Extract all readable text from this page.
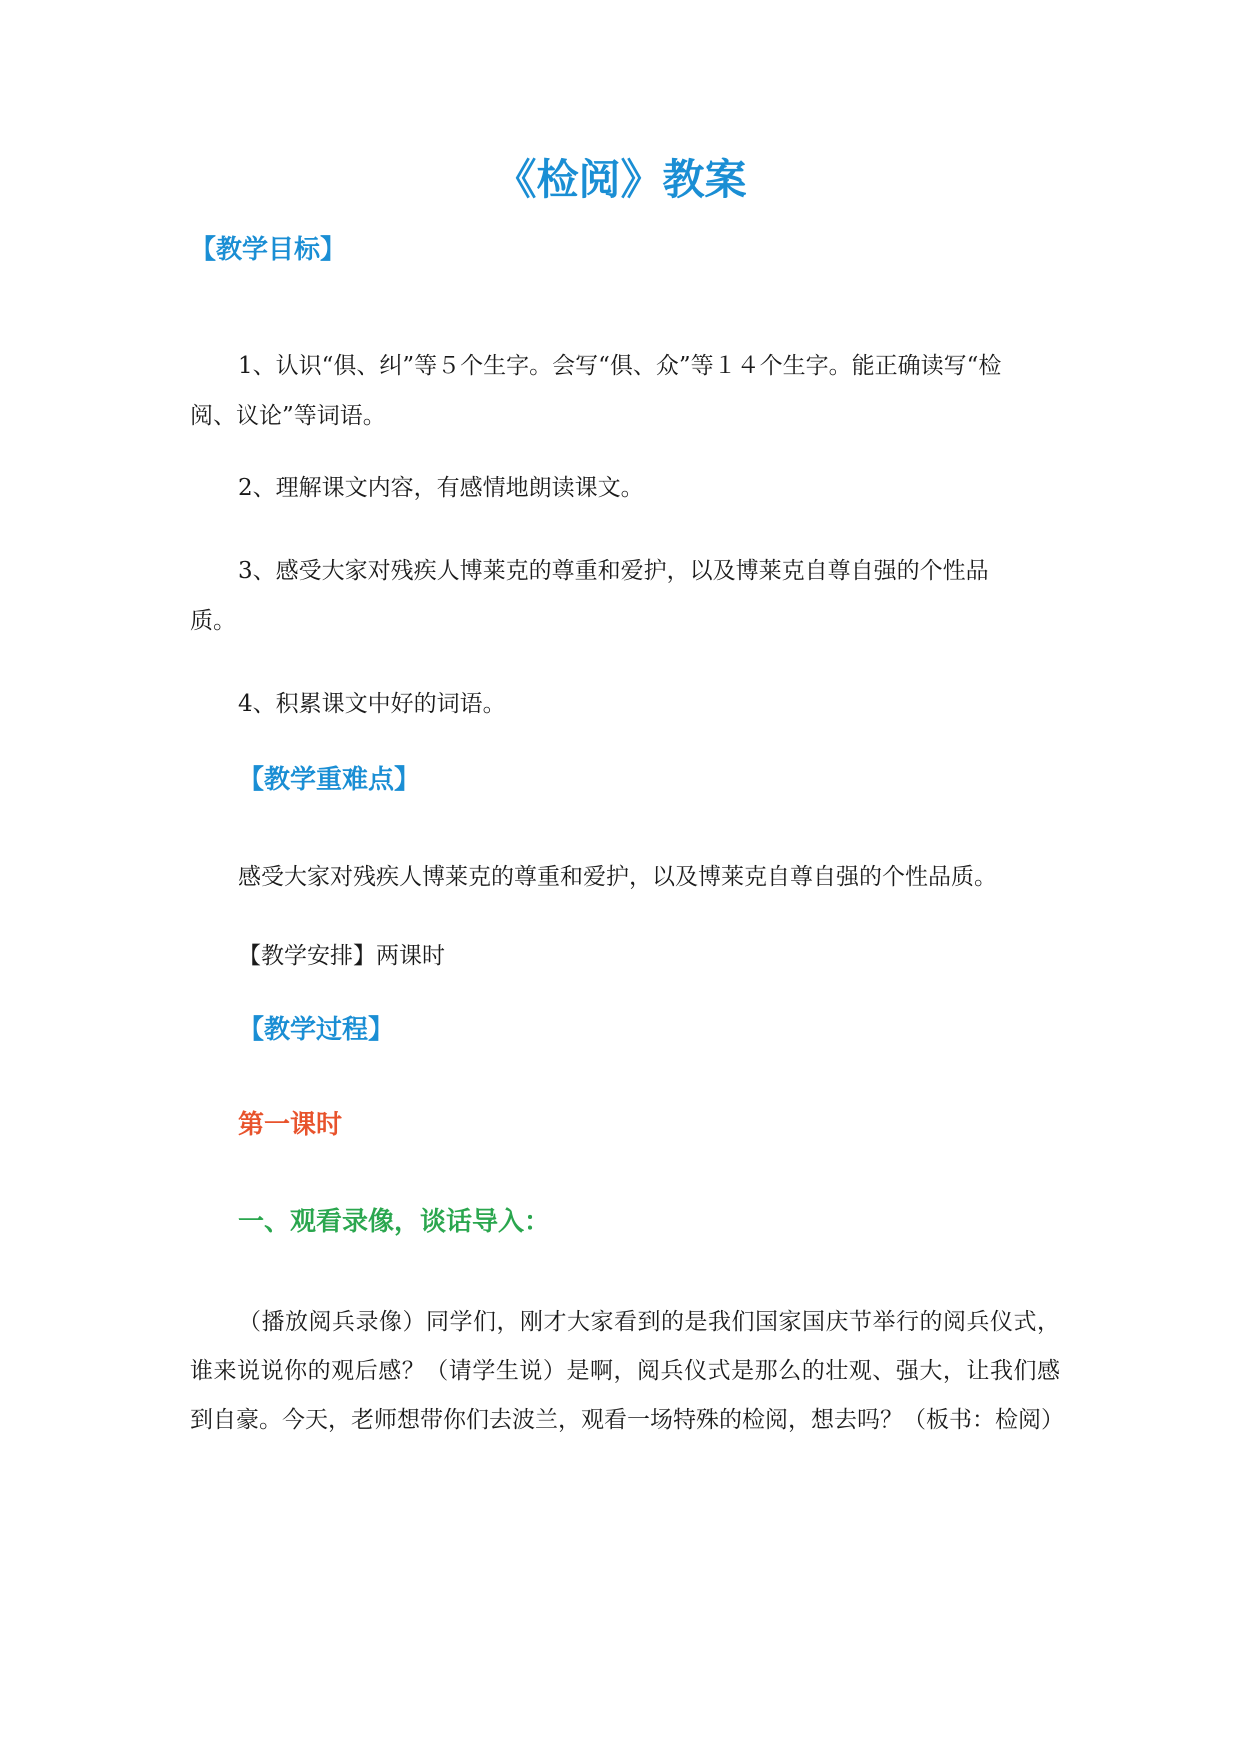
《检阅》教案
【教学目标】
1、认识“俱、纠”等５个生字。会写“俱、众”等１４个生字。能正确读写“检
阅、议论”等词语。
2、理解课文内容，有感情地朗读课文。
3、感受大家对残疾人博莱克的尊重和爱护，以及博莱克自尊自强的个性品
质。
4、积累课文中好的词语。
【教学重难点】
感受大家对残疾人博莱克的尊重和爱护，以及博莱克自尊自强的个性品质。
【教学安排】两课时
【教学过程】
第一课时
一、观看录像，谈话导入：

（播放阅兵录像）同学们，刚才大家看到的是我们国家国庆节举行的阅兵仪式，谁来说说你的观后感？（请学生说）是啊，阅兵仪式是那么的壮观、强大，让我们感到自豪。今天，老师想带你们去波兰，观看一场特殊的检阅，想去吗？（板书：检阅）
